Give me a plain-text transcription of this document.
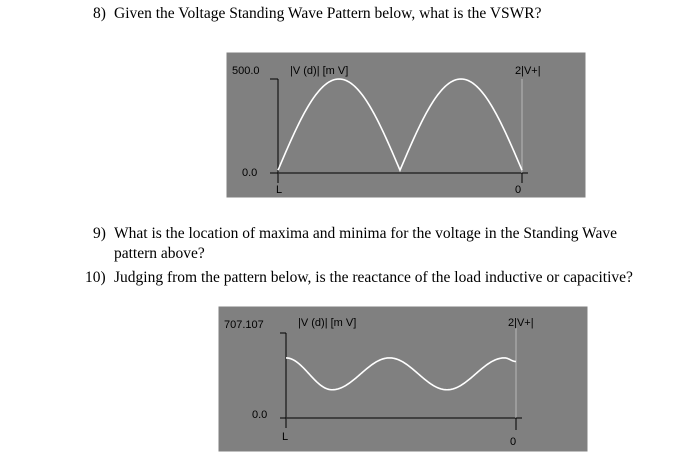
8) Given the Voltage Standing Wave Pattern below, what is the VSWR?
500.0
0.0
|V (d)| [m V]	2|V+|
L	0
9) What is the location of maxima and minima for the voltage in the Standing Wave
pattern above?
10) Judging from the pattern below, is the reactance of the load inductive or capacitive?
707.107
0.0
|V (d)| [m V]	2|V+|
L	0
